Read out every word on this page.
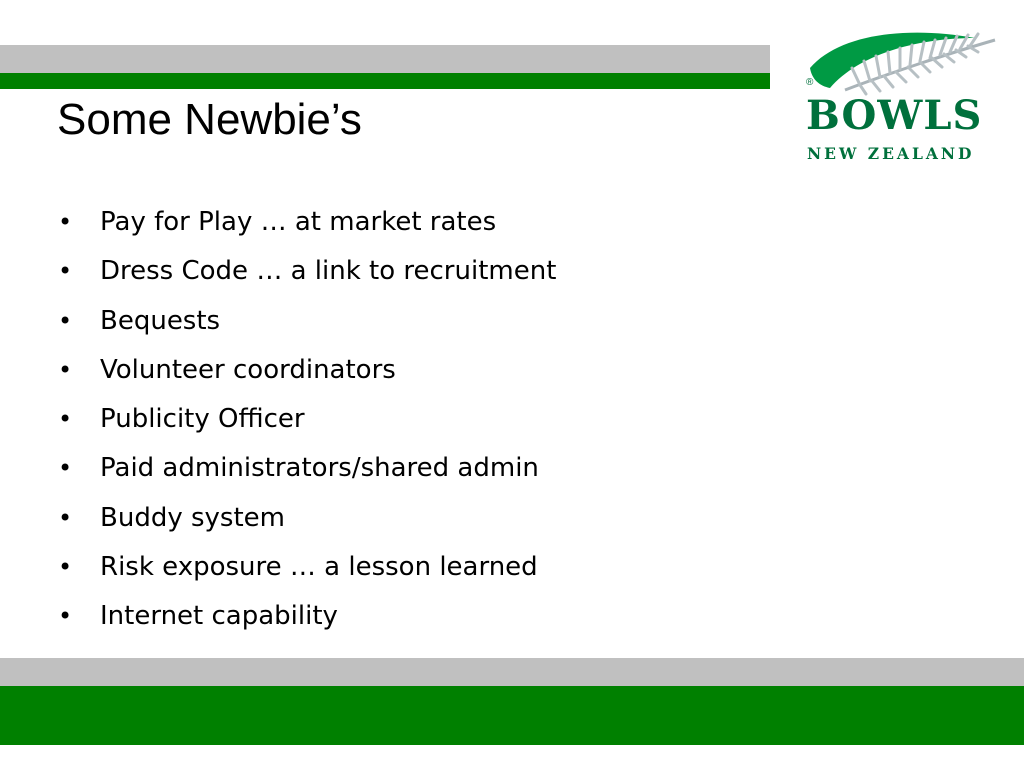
Some Newbie’s
• Pay for Play … at market rates
• Dress Code … a link to recruitment
• Bequests
• Volunteer coordinators
• Publicity Officer
• Paid administrators/shared admin
• Buddy system
• Risk exposure … a lesson learned
• Internet capability
®
BOWLS
NEW ZEALAND
